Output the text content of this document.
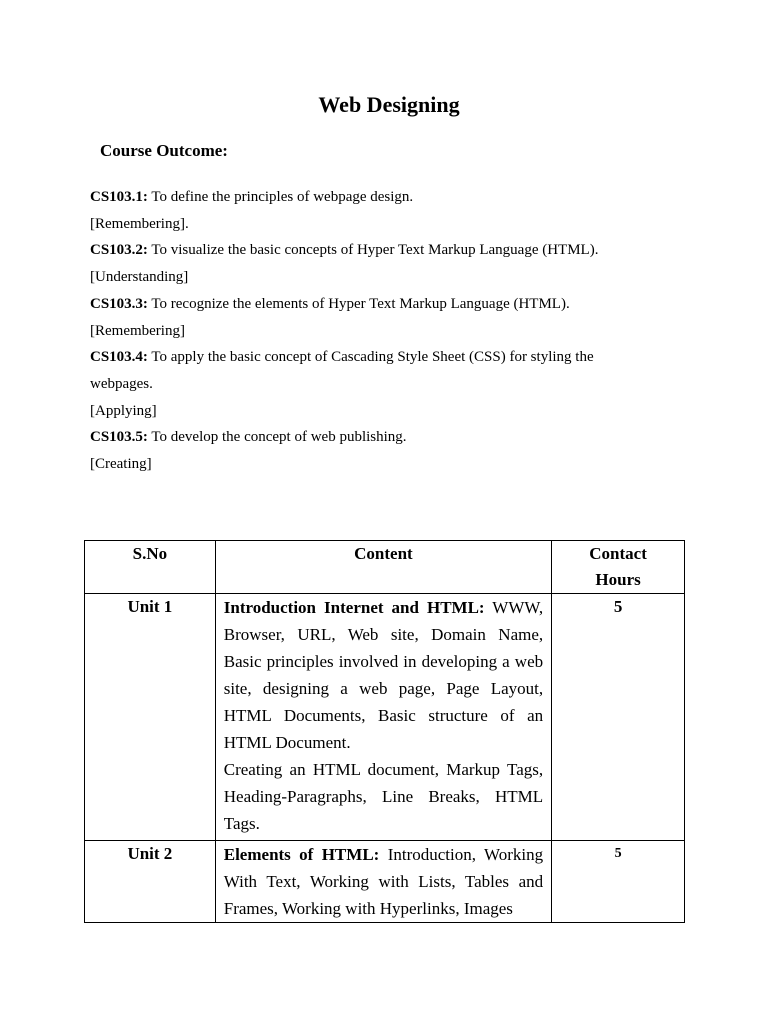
Web Designing
Course Outcome:
CS103.1: To define the principles of webpage design.
[Remembering].
CS103.2: To visualize the basic concepts of Hyper Text Markup Language (HTML).
[Understanding]
CS103.3: To recognize the elements of Hyper Text Markup Language (HTML).
[Remembering]
CS103.4: To apply the basic concept of Cascading Style Sheet (CSS) for styling the
webpages.
[Applying]
CS103.5: To develop the concept of web publishing.
[Creating]
S.No	Content	Contact Hours

Unit 1	Introduction Internet and HTML: WWW, Browser, URL, Web site, Domain Name, Basic principles involved in developing a web site, designing a web page, Page Layout, HTML Documents, Basic structure of an HTML Document.

Creating an HTML document, Markup Tags, Heading-Paragraphs, Line Breaks, HTML Tags.	5
Unit 2	Elements of HTML: Introduction, Working With Text, Working with Lists, Tables and Frames, Working with Hyperlinks, Images	5
